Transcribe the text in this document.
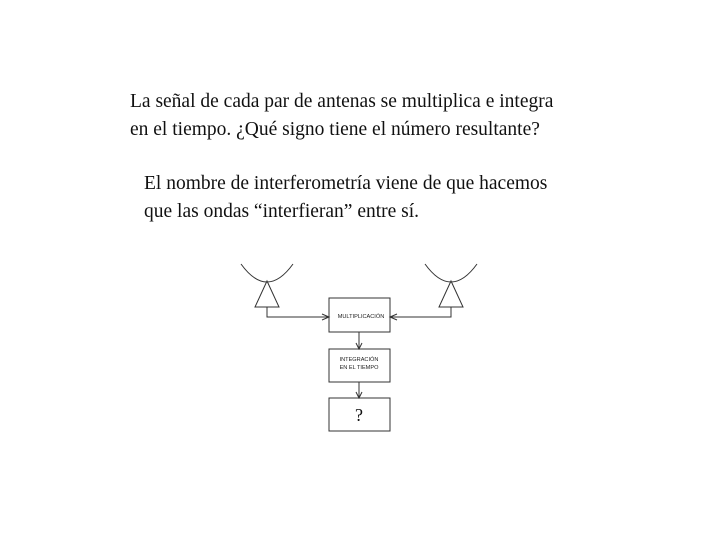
La señal de cada par de antenas se multiplica e integra
en el tiempo. ¿Qué signo tiene el número resultante?
El nombre de interferometría viene de que hacemos
que las ondas “interfieran” entre sí.
MULTIPLICACIÓN
INTEGRACIÓN
EN EL TIEMPO
?
